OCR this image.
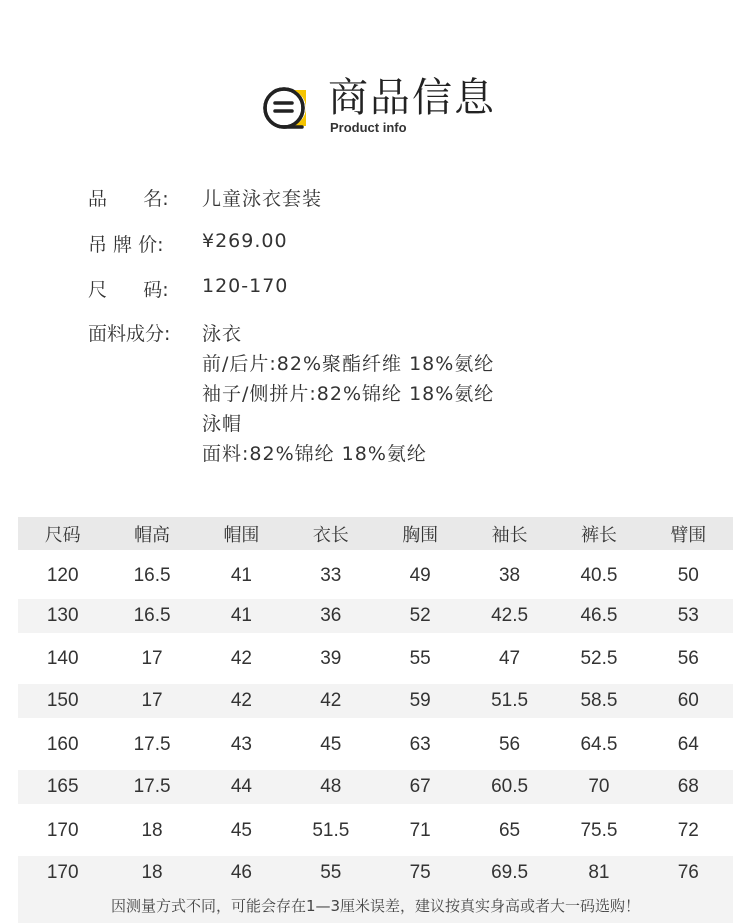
商品信息
Product info
品      名:	儿童泳衣套装
吊 牌 价:	¥269.00
尺      码:	120-170
面料成分:	泳衣
前/后片:82%聚酯纤维 18%氨纶
袖子/侧拼片:82%锦纶 18%氨纶
泳帽
面料:82%锦纶 18%氨纶
尺码	帽高	帽围	衣长	胸围	袖长	裤长	臂围
120	16.5	41	33	49	38	40.5	50
130	16.5	41	36	52	42.5	46.5	53
140	17	42	39	55	47	52.5	56
150	17	42	42	59	51.5	58.5	60
160	17.5	43	45	63	56	64.5	64
165	17.5	44	48	67	60.5	70	68
170	18	45	51.5	71	65	75.5	72
170	18	46	55	75	69.5	81	76
因测量方式不同，可能会存在1—3厘米误差，建议按真实身高或者大一码选购！
